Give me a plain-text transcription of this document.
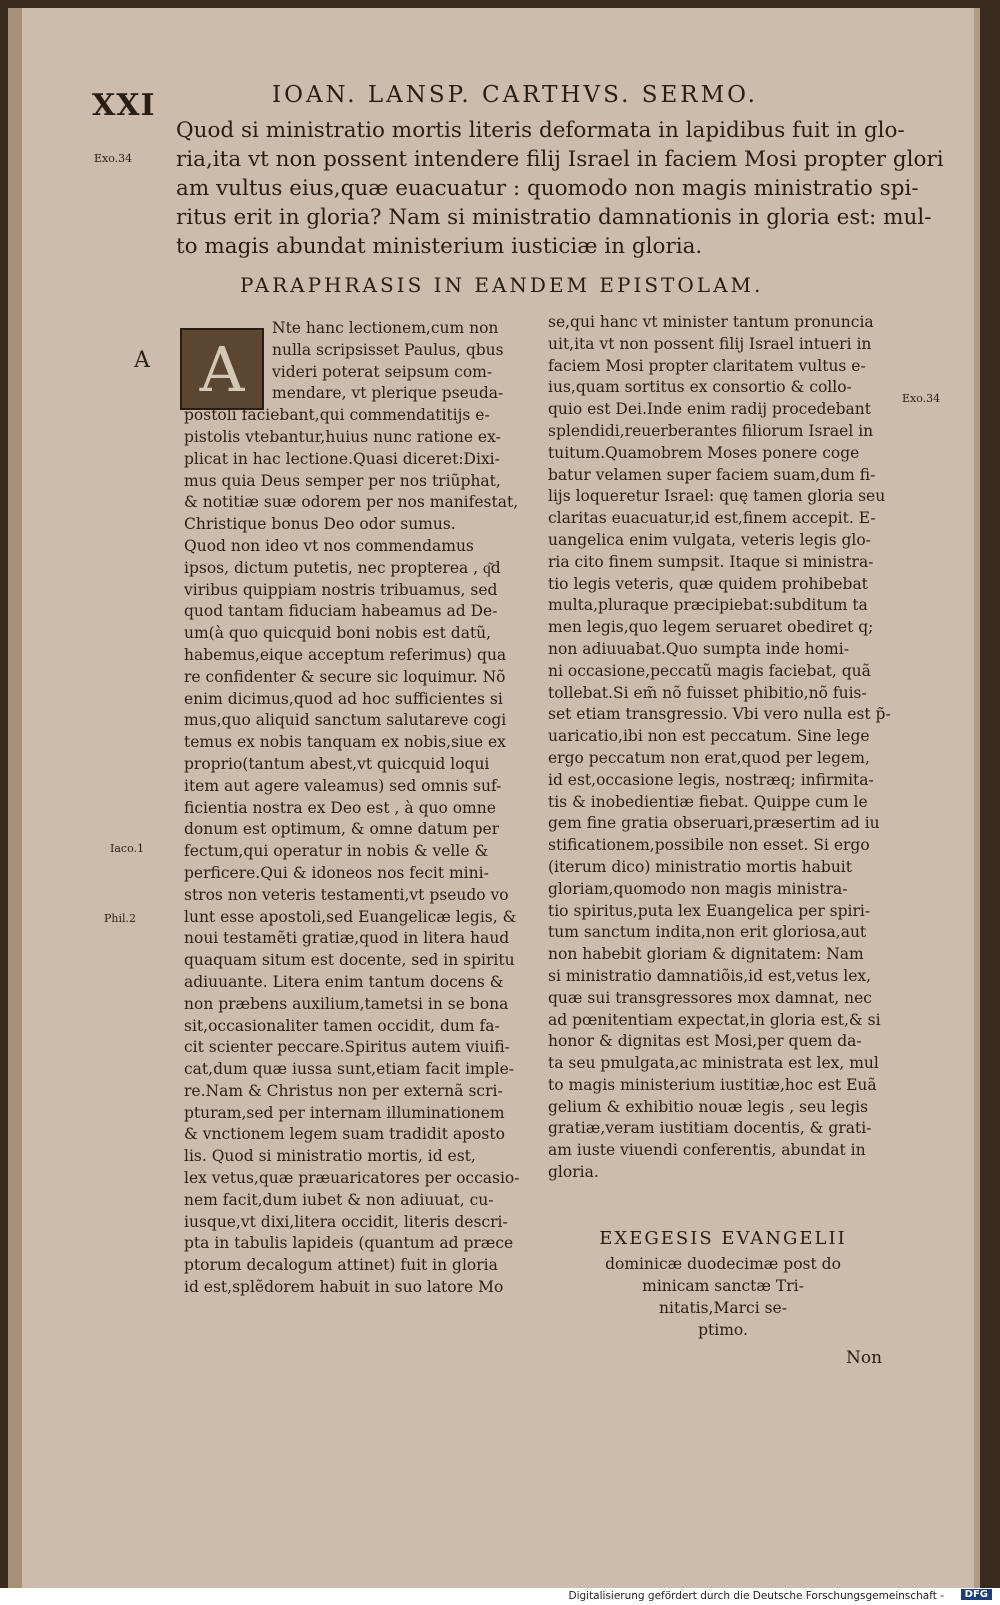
XXI	IOAN. LANSP. CARTHVS. SERMO.
Exo.34
Exo.34
A
Iaco.1
Phil.2
Quod si ministratio mortis literis deformata in lapidibus fuit in glo-
ria,ita vt non possent intendere filij Israel in faciem Mosi propter glori
am vultus eius,quæ euacuatur : quomodo non magis ministratio spi-
ritus erit in gloria? Nam si ministratio damnationis in gloria est: mul-
to magis abundat ministerium iusticiæ in gloria.
PARAPHRASIS IN EANDEM EPISTOLAM.
A
Nte hanc lectionem,cum non
nulla scripsisset Paulus, qbus
videri poterat seipsum com-
mendare, vt plerique pseuda-
postoli faciebant,qui commendatitijs e-
pistolis vtebantur,huius nunc ratione ex-
plicat in hac lectione.Quasi diceret:Dixi-
mus quia Deus semper per nos triũphat,
& notitiæ suæ odorem per nos manifestat,
Christique bonus Deo odor sumus.
Quod non ideo vt nos commendamus
ipsos, dictum putetis, nec propterea , q͂d
viribus quippiam nostris tribuamus, sed
quod tantam fiduciam habeamus ad De-
um(à quo quicquid boni nobis est datũ,
habemus,eique acceptum referimus) qua
re confidenter & secure sic loquimur. Nõ
enim dicimus,quod ad hoc sufficientes si
mus,quo aliquid sanctum salutareve cogi
temus ex nobis tanquam ex nobis,siue ex
proprio(tantum abest,vt quicquid loqui
item aut agere valeamus) sed omnis suf-
ficientia nostra ex Deo est , à quo omne
donum est optimum, & omne datum per
fectum,qui operatur in nobis & velle &
perficere.Qui & idoneos nos fecit mini-
stros non veteris testamenti,vt pseudo vo
lunt esse apostoli,sed Euangelicæ legis, &
noui testamẽti gratiæ,quod in litera haud
quaquam situm est docente, sed in spiritu
adiuuante. Litera enim tantum docens &
non præbens auxilium,tametsi in se bona
sit,occasionaliter tamen occidit, dum fa-
cit scienter peccare.Spiritus autem viuifi-
cat,dum quæ iussa sunt,etiam facit imple-
re.Nam & Christus non per externã scri-
pturam,sed per internam illuminationem
& vnctionem legem suam tradidit aposto
lis. Quod si ministratio mortis, id est,
lex vetus,quæ præuaricatores per occasio-
nem facit,dum iubet & non adiuuat, cu-
iusque,vt dixi,litera occidit, literis descri-
pta in tabulis lapideis (quantum ad præce
ptorum decalogum attinet) fuit in gloria
id est,splẽdorem habuit in suo latore Mo
se,qui hanc vt minister tantum pronuncia
uit,ita vt non possent filij Israel intueri in
faciem Mosi propter claritatem vultus e-
ius,quam sortitus ex consortio & collo-
quio est Dei.Inde enim radij procedebant
splendidi,reuerberantes filiorum Israel in
tuitum.Quamobrem Moses ponere coge
batur velamen super faciem suam,dum fi-
lijs loqueretur Israel: quę tamen gloria seu
claritas euacuatur,id est,finem accepit. E-
uangelica enim vulgata, veteris legis glo-
ria cito finem sumpsit. Itaque si ministra-
tio legis veteris, quæ quidem prohibebat
multa,pluraque præcipiebat:subditum ta
men legis,quo legem seruaret obediret q;
non adiuuabat.Quo sumpta inde homi-
ni occasione,peccatũ magis faciebat, quã
tollebat.Si em̃ nõ fuisset phibitio,nõ fuis-
set etiam transgressio. Vbi vero nulla est p̃-
uaricatio,ibi non est peccatum. Sine lege
ergo peccatum non erat,quod per legem,
id est,occasione legis, nostræq; infirmita-
tis & inobedientiæ fiebat. Quippe cum le
gem fine gratia obseruari,præsertim ad iu
stificationem,possibile non esset. Si ergo
(iterum dico) ministratio mortis habuit
gloriam,quomodo non magis ministra-
tio spiritus,puta lex Euangelica per spiri-
tum sanctum indita,non erit gloriosa,aut
non habebit gloriam & dignitatem: Nam
si ministratio damnatiõis,id est,vetus lex,
quæ sui transgressores mox damnat, nec
ad pœnitentiam expectat,in gloria est,& si
honor & dignitas est Mosi,per quem da-
ta seu pmulgata,ac ministrata est lex, mul
to magis ministerium iustitiæ,hoc est Euã
gelium & exhibitio nouæ legis , seu legis
gratiæ,veram iustitiam docentis, & grati-
am iuste viuendi conferentis, abundat in
gloria.
EXEGESIS EVANGELII
dominicæ duodecimæ post do
minicam sanctæ Tri-
nitatis,Marci se-
ptimo.
Non
Digitalisierung gefördert durch die Deutsche Forschungsgemeinschaft -	DFG
